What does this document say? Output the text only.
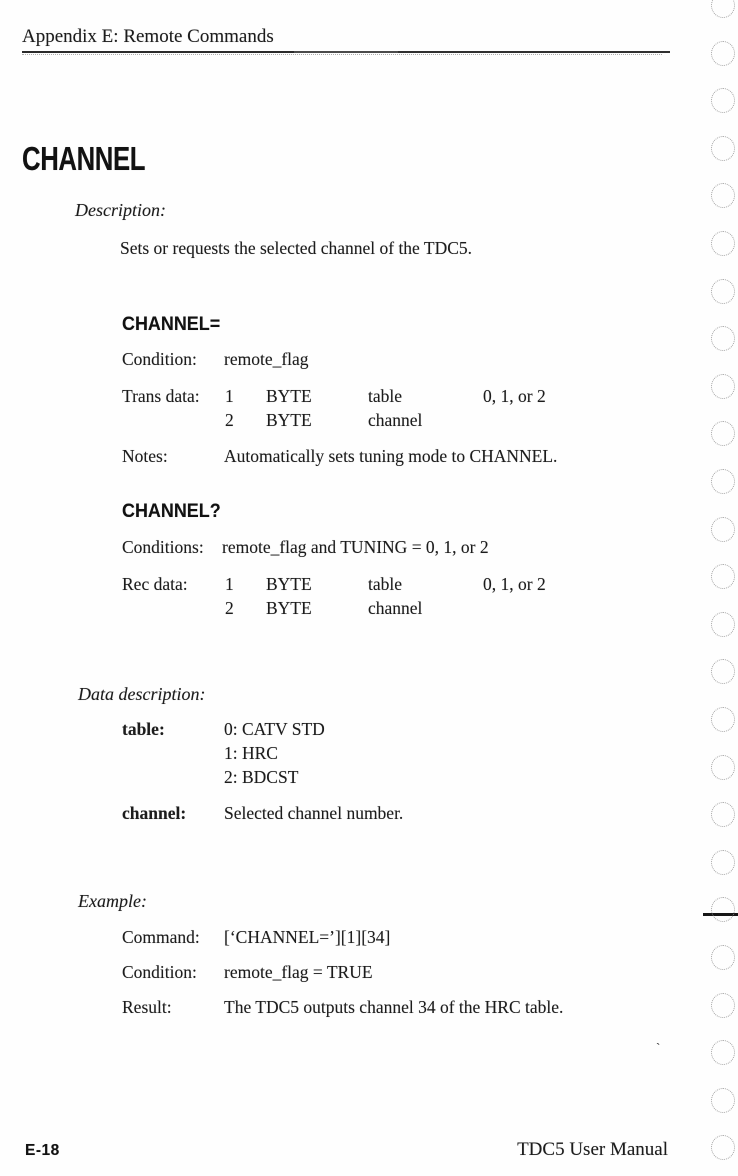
Appendix E: Remote Commands
CHANNEL
Description:
Sets or requests the selected channel of the TDC5.
CHANNEL=
Condition: remote_flag
Trans data: 1 BYTE	table	0, 1, or 2
2 BYTE	channel
Notes:	Automatically sets tuning mode to CHANNEL.
CHANNEL?
Conditions: remote_flag and TUNING = 0, 1, or 2
Rec data: 1 BYTE	table	0, 1, or 2
2 BYTE	channel
Data description:
table:	0: CATV STD
1: HRC
2: BDCST
channel: Selected channel number.
Example:
Command: [‘CHANNEL=’][1][34]
Condition: remote_flag = TRUE
Result:	The TDC5 outputs channel 34 of the HRC table.
`
E-18	TDC5 User Manual
